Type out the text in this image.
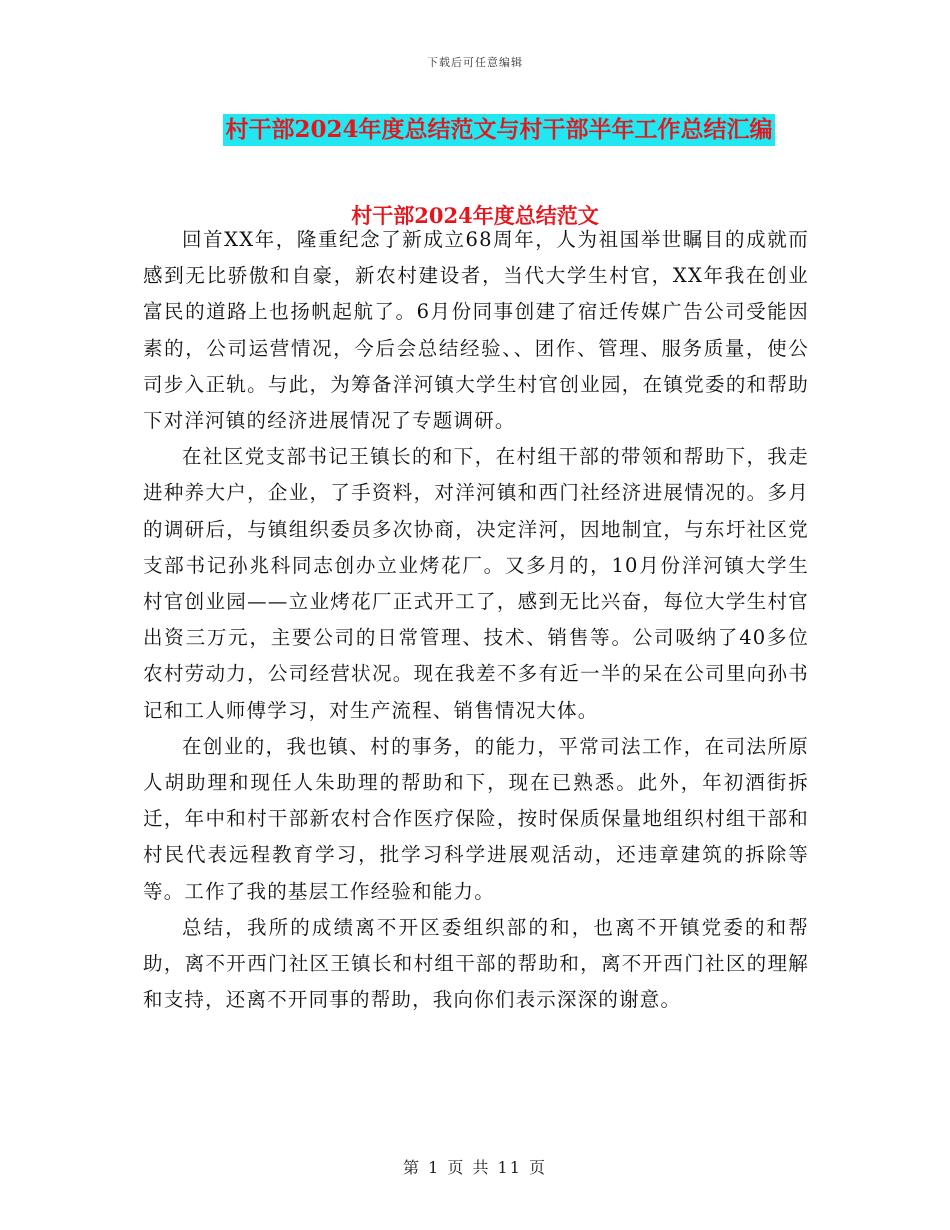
下载后可任意编辑
村干部2024年度总结范文与村干部半年工作总结汇编
村干部2024年度总结范文

回首XX年，隆重纪念了新成立68周年，人为祖国举世瞩目的成就而感到无比骄傲和自豪，新农村建设者，当代大学生村官，XX年我在创业富民的道路上也扬帆起航了。6月份同事创建了宿迁传媒广告公司受能因素的，公司运营情况，今后会总结经验、、团作、管理、服务质量，使公司步入正轨。与此，为筹备洋河镇大学生村官创业园，在镇党委的和帮助下对洋河镇的经济进展情况了专题调研。

在社区党支部书记王镇长的和下，在村组干部的带领和帮助下，我走进种养大户，企业，了手资料，对洋河镇和西门社经济进展情况的。多月的调研后，与镇组织委员多次协商，决定洋河，因地制宜，与东圩社区党支部书记孙兆科同志创办立业烤花厂。又多月的，10月份洋河镇大学生村官创业园——立业烤花厂正式开工了，感到无比兴奋，每位大学生村官出资三万元，主要公司的日常管理、技术、销售等。公司吸纳了40多位农村劳动力，公司经营状况。现在我差不多有近一半的呆在公司里向孙书记和工人师傅学习，对生产流程、销售情况大体。

在创业的，我也镇、村的事务，的能力，平常司法工作，在司法所原人胡助理和现任人朱助理的帮助和下，现在已熟悉。此外，年初酒街拆迁，年中和村干部新农村合作医疗保险，按时保质保量地组织村组干部和村民代表远程教育学习，批学习科学进展观活动，还违章建筑的拆除等等。工作了我的基层工作经验和能力。

总结，我所的成绩离不开区委组织部的和，也离不开镇党委的和帮助，离不开西门社区王镇长和村组干部的帮助和，离不开西门社区的理解和支持，还离不开同事的帮助，我向你们表示深深的谢意。

第 1 页 共 11 页
